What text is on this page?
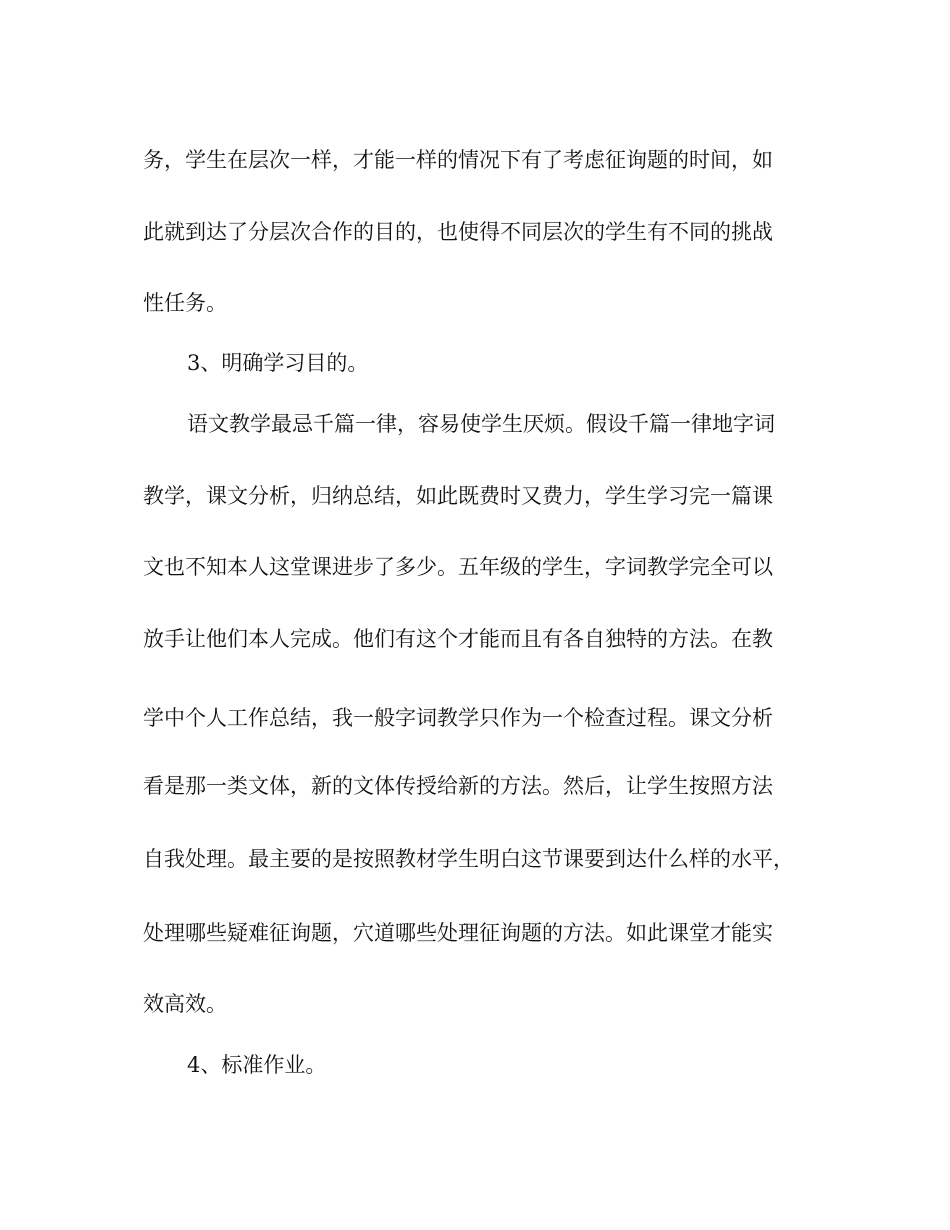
务，学生在层次一样，才能一样的情况下有了考虑征询题的时间，如
此就到达了分层次合作的目的，也使得不同层次的学生有不同的挑战
性任务。
3、明确学习目的。
语文教学最忌千篇一律，容易使学生厌烦。假设千篇一律地字词
教学，课文分析，归纳总结，如此既费时又费力，学生学习完一篇课
文也不知本人这堂课进步了多少。五年级的学生，字词教学完全可以
放手让他们本人完成。他们有这个才能而且有各自独特的方法。在教
学中个人工作总结，我一般字词教学只作为一个检查过程。课文分析
看是那一类文体，新的文体传授给新的方法。然后，让学生按照方法
自我处理。最主要的是按照教材学生明白这节课要到达什么样的水平，
处理哪些疑难征询题，穴道哪些处理征询题的方法。如此课堂才能实
效高效。
4、标准作业。
